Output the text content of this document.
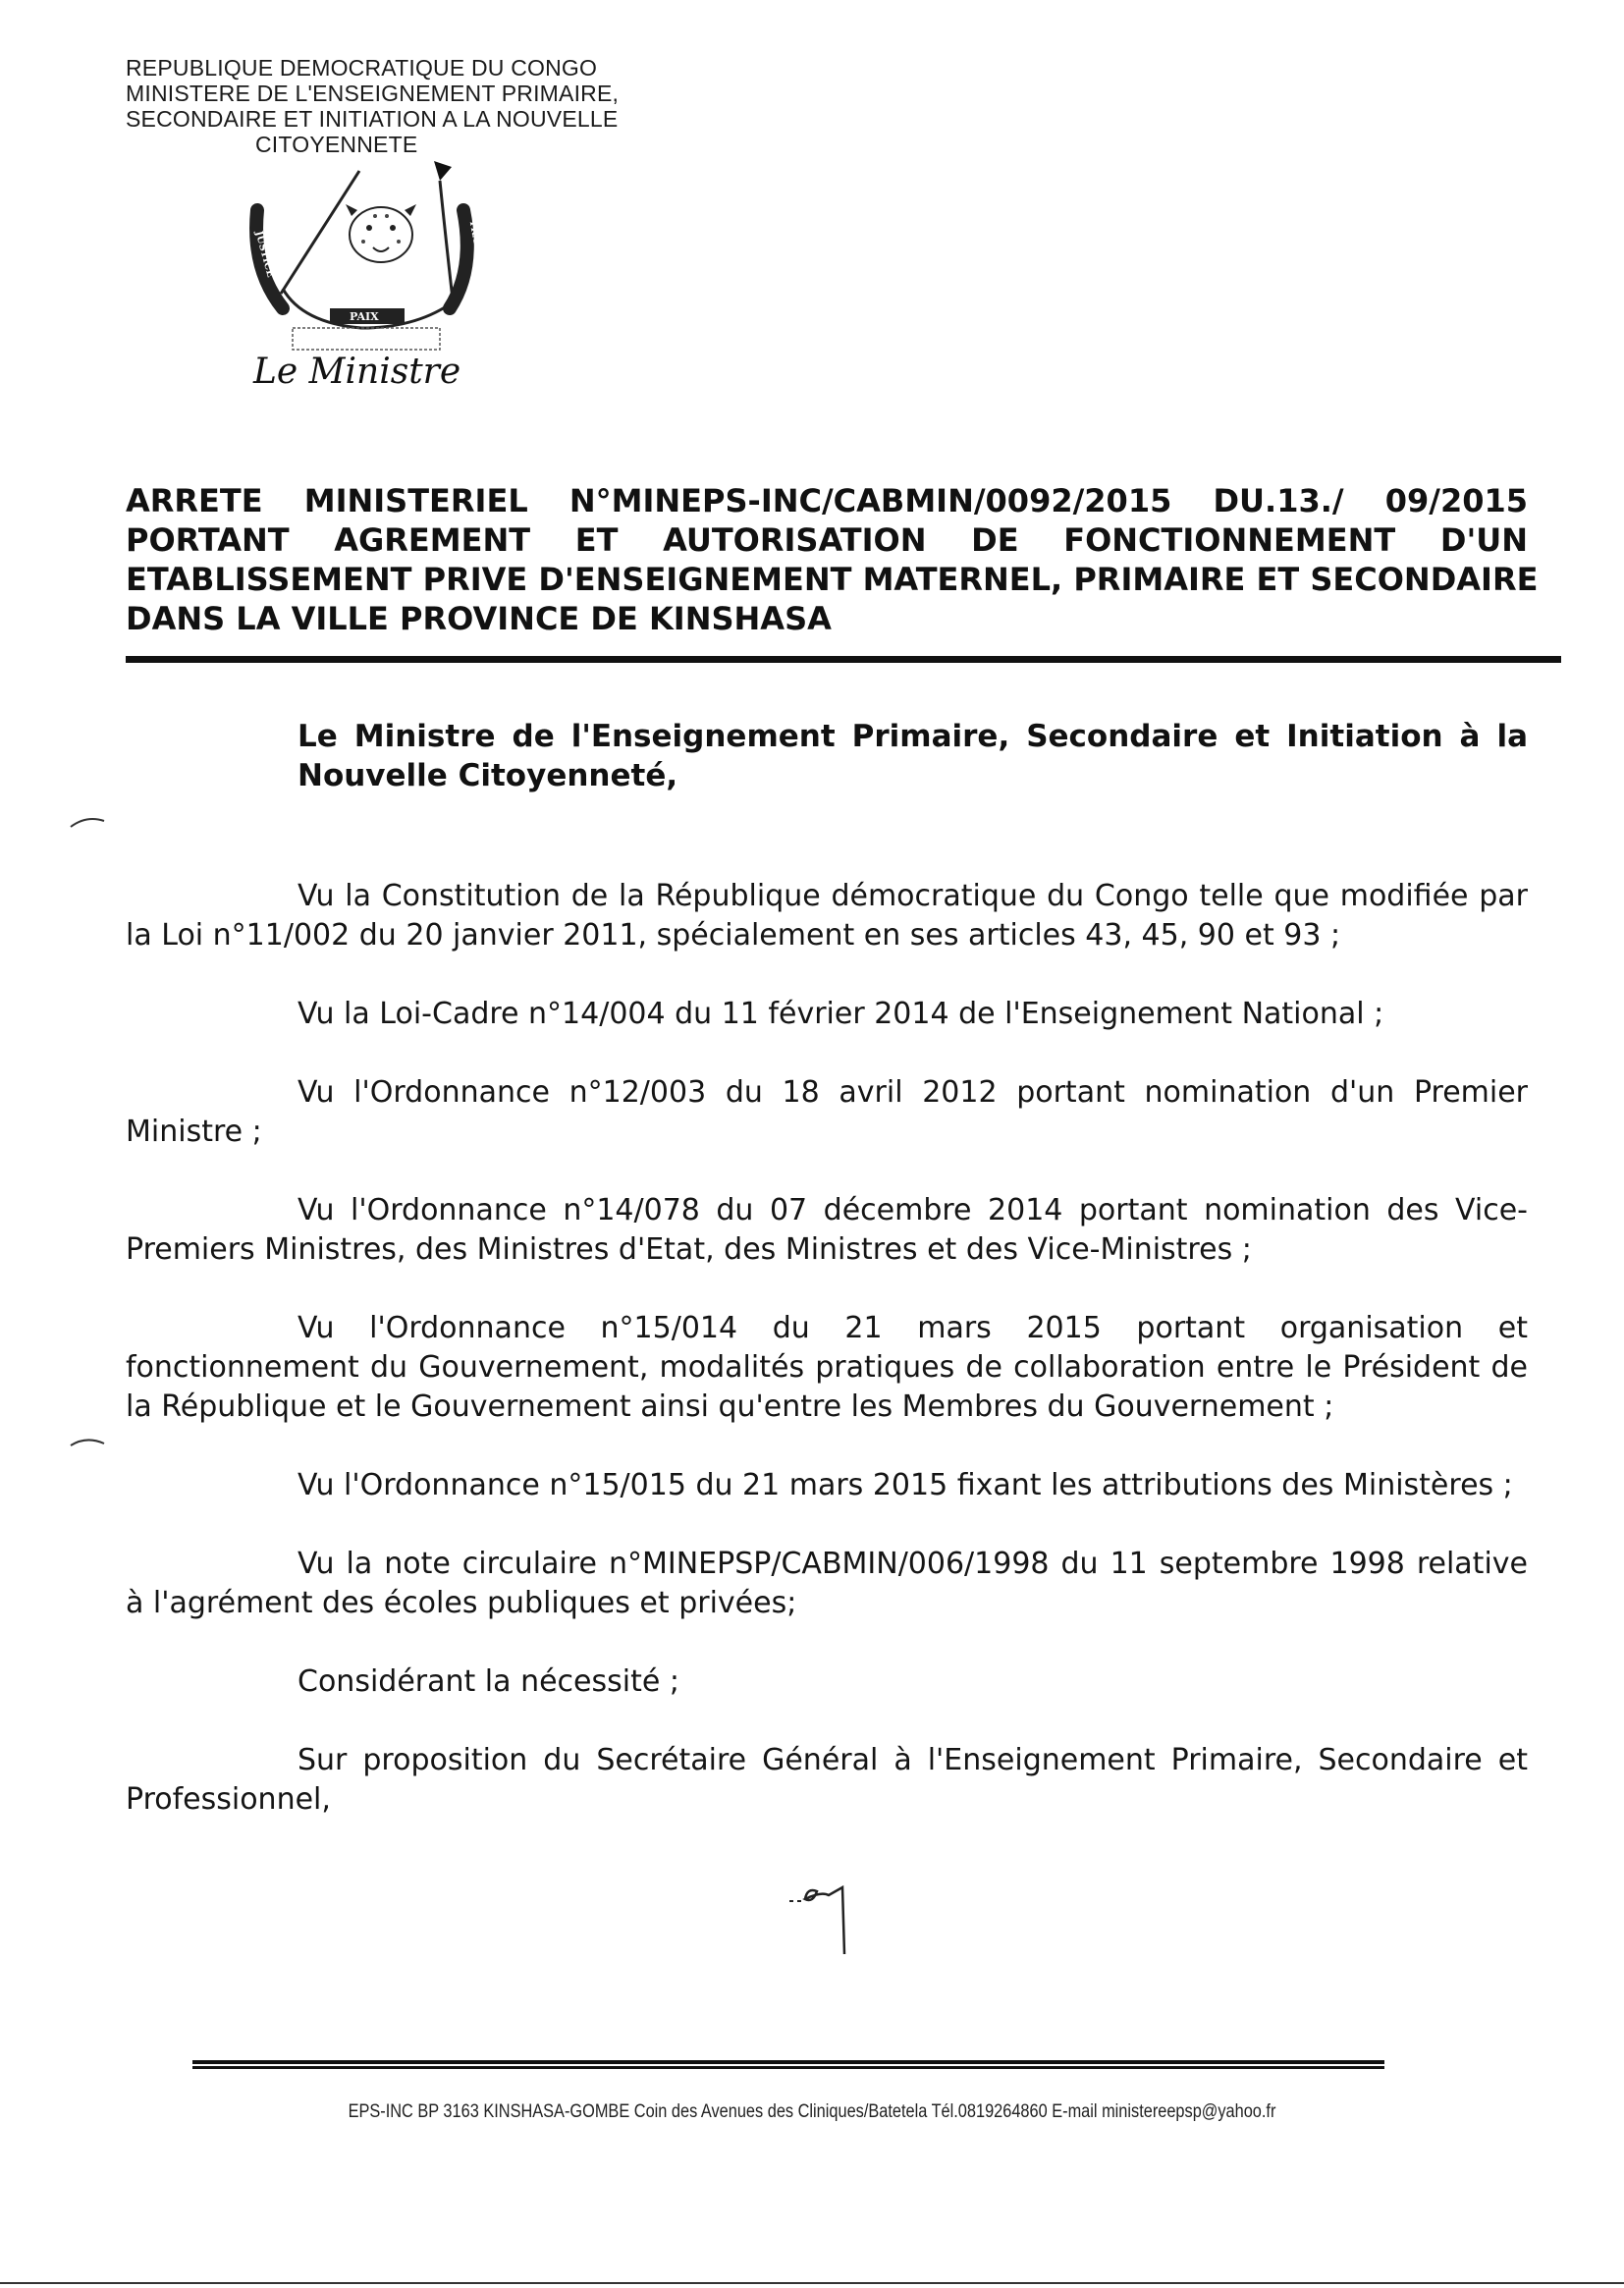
REPUBLIQUE DEMOCRATIQUE DU CONGO
MINISTERE DE L'ENSEIGNEMENT PRIMAIRE,
SECONDAIRE ET INITIATION A LA NOUVELLE
CITOYENNETE
JUSTICE	TRAVAIL
PAIX
Le Ministre
ARRETE MINISTERIEL N°MINEPS-INC/CABMIN/0092/2015 DU.13./ 09/2015
PORTANT AGREMENT ET AUTORISATION DE FONCTIONNEMENT D'UN
ETABLISSEMENT PRIVE D'ENSEIGNEMENT MATERNEL, PRIMAIRE ET SECONDAIRE
DANS LA VILLE PROVINCE DE KINSHASA
Le Ministre de l'Enseignement Primaire, Secondaire et Initiation à la Nouvelle Citoyenneté,

Vu la Constitution de la République démocratique du Congo telle que modifiée par la Loi n°11/002 du 20 janvier 2011, spécialement en ses articles 43, 45, 90 et 93 ;

Vu la Loi-Cadre n°14/004 du 11 février 2014 de l'Enseignement National ;

Vu l'Ordonnance n°12/003 du 18 avril 2012 portant nomination d'un Premier Ministre ;

Vu l'Ordonnance n°14/078 du 07 décembre 2014 portant nomination des Vice-Premiers Ministres, des Ministres d'Etat, des Ministres et des Vice-Ministres ;

Vu l'Ordonnance n°15/014 du 21 mars 2015 portant organisation et fonctionnement du Gouvernement, modalités pratiques de collaboration entre le Président de la République et le Gouvernement ainsi qu'entre les Membres du Gouvernement ;

Vu l'Ordonnance n°15/015 du 21 mars 2015 fixant les attributions des Ministères ;

Vu la note circulaire n°MINEPSP/CABMIN/006/1998 du 11 septembre 1998 relative à l'agrément des écoles publiques et privées;

Considérant la nécessité ;

Sur proposition du Secrétaire Général à l'Enseignement Primaire, Secondaire et Professionnel,

EPS-INC BP 3163 KINSHASA-GOMBE Coin des Avenues des Cliniques/Batetela Tél.0819264860 E-mail ministereepsp@yahoo.fr
